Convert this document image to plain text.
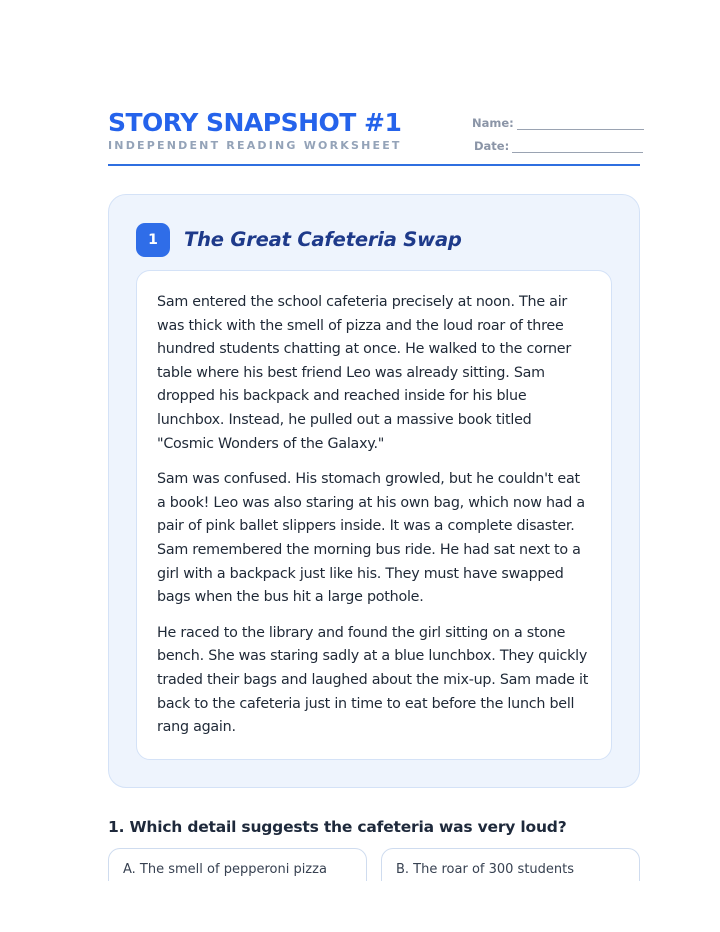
STORY SNAPSHOT #1
INDEPENDENT READING WORKSHEET
Name:
Date:
1	The Great Cafeteria Swap

Sam entered the school cafeteria precisely at noon. The air was thick with the smell of pizza and the loud roar of three hundred students chatting at once. He walked to the corner table where his best friend Leo was already sitting. Sam dropped his backpack and reached inside for his blue lunchbox. Instead, he pulled out a massive book titled "Cosmic Wonders of the Galaxy."

Sam was confused. His stomach growled, but he couldn't eat a book! Leo was also staring at his own bag, which now had a pair of pink ballet slippers inside. It was a complete disaster. Sam remembered the morning bus ride. He had sat next to a girl with a backpack just like his. They must have swapped bags when the bus hit a large pothole.

He raced to the library and found the girl sitting on a stone bench. She was staring sadly at a blue lunchbox. They quickly traded their bags and laughed about the mix-up. Sam made it back to the cafeteria just in time to eat before the lunch bell rang again.

1. Which detail suggests the cafeteria was very loud?
A. The smell of pepperoni pizza	B. The roar of 300 students
